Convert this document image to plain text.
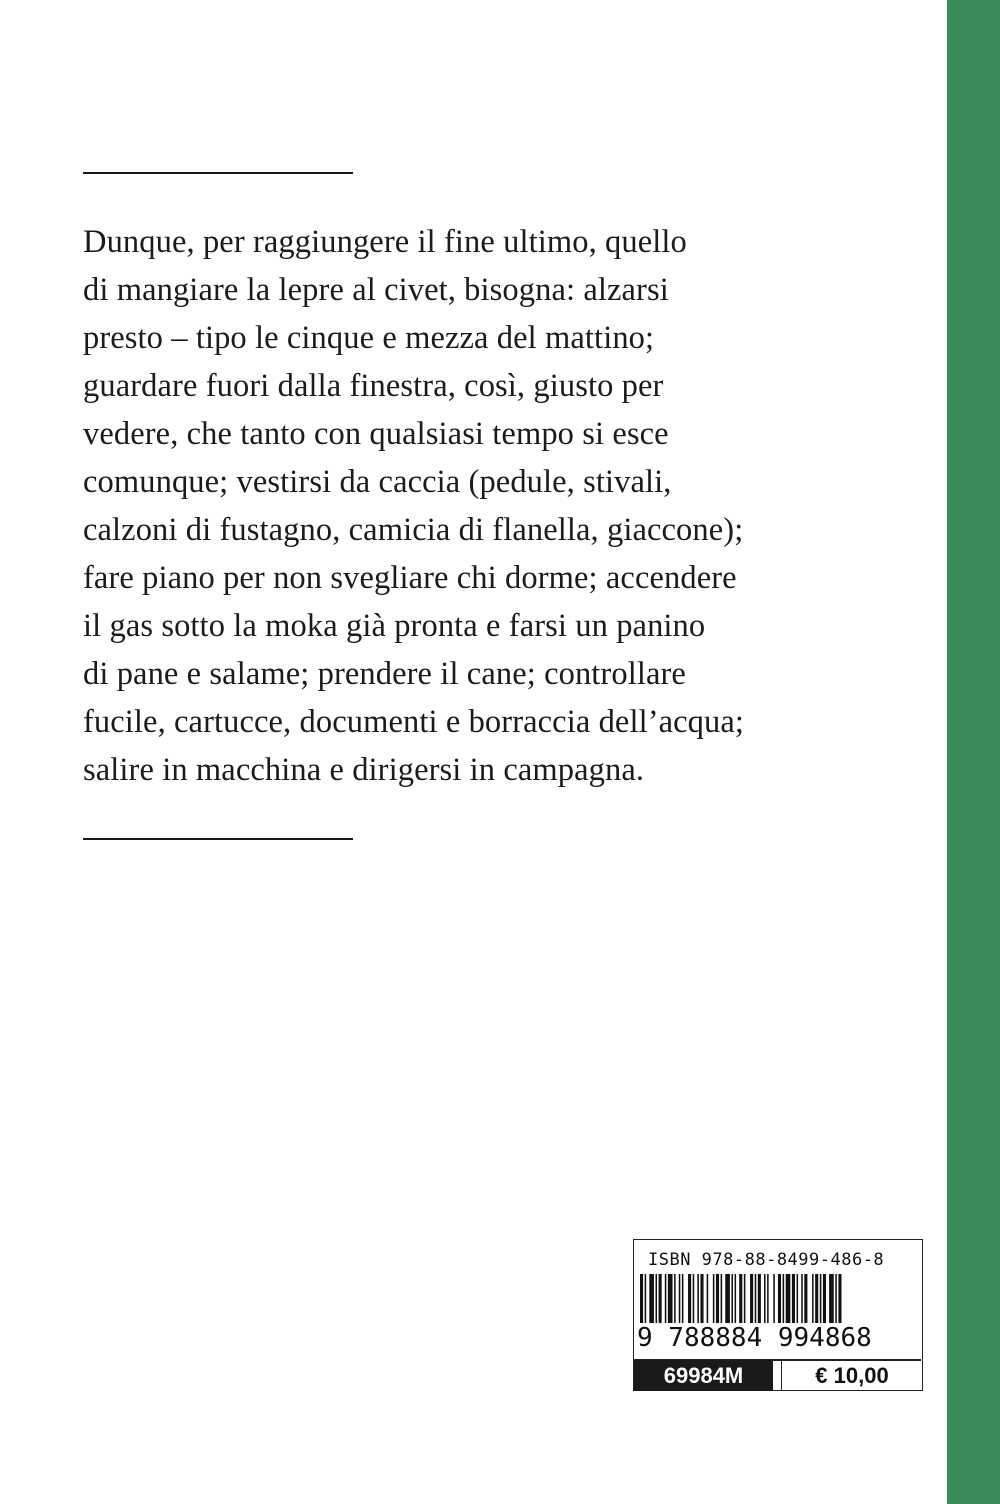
Dunque, per raggiungere il fine ultimo, quello
di mangiare la lepre al civet, bisogna: alzarsi
presto – tipo le cinque e mezza del mattino;
guardare fuori dalla finestra, così, giusto per
vedere, che tanto con qualsiasi tempo si esce
comunque; vestirsi da caccia (pedule, stivali,
calzoni di fustagno, camicia di flanella, giaccone);
fare piano per non svegliare chi dorme; accendere
il gas sotto la moka già pronta e farsi un panino
di pane e salame; prendere il cane; controllare
fucile, cartucce, documenti e borraccia dell’acqua;
salire in macchina e dirigersi in campagna.
ISBN 978-88-8499-486-8
9 788884 994868
69984M	€ 10,00
